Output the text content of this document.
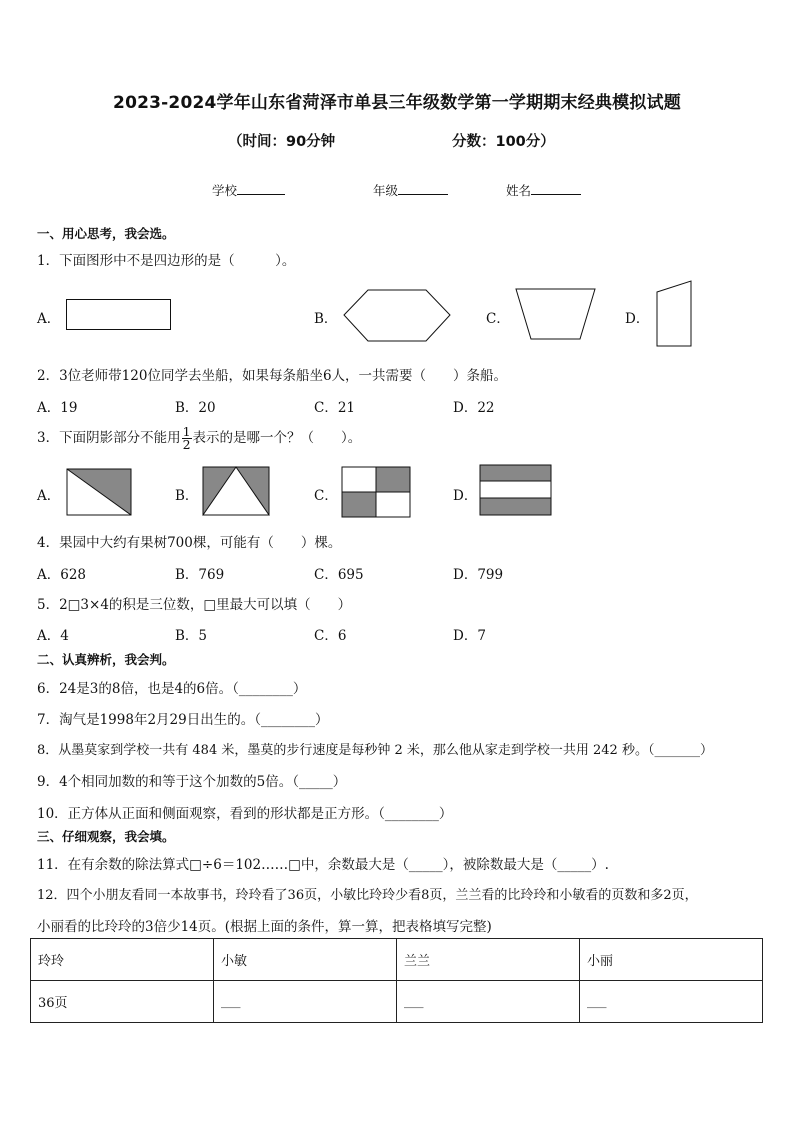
2023-2024学年山东省菏泽市单县三年级数学第一学期期末经典模拟试题
（时间：90分钟	分数：100分）
学校	年级	姓名
一、用心思考，我会选。
1．下面图形中不是四边形的是（　　　）。
A．	B．	C．	D．
2．3位老师带120位同学去坐船，如果每条船坐6人，一共需要（　　）条船。
A．19	B．20	C．21	D．22
3．下面阴影部分不能用 $\frac{1}{2}$ 表示的是哪一个？（　　）。
A．	B．	C．	D．
4．果园中大约有果树700棵，可能有（　　）棵。
A．628	B．769	C．695	D．799
5．2□3×4的积是三位数，□里最大可以填（　　）
A．4	B．5	C．6	D．7
二、认真辨析，我会判。
6．24是3的8倍，也是4的6倍。（________）
7．淘气是1998年2月29日出生的。（________）
8．从墨莫家到学校一共有 484 米，墨莫的步行速度是每秒钟 2 米，那么他从家走到学校一共用 242 秒。（_______）
9．4个相同加数的和等于这个加数的5倍。（_____）
10．正方体从正面和侧面观察，看到的形状都是正方形。（________）
三、仔细观察，我会填。
11．在有余数的除法算式□÷6＝102……□中，余数最大是（_____），被除数最大是（_____）.
12．四个小朋友看同一本故事书，玲玲看了36页，小敏比玲玲少看8页，兰兰看的比玲玲和小敏看的页数和多2页，
小丽看的比玲玲的3倍少14页。(根据上面的条件，算一算，把表格填写完整)
玲玲	小敏	兰兰	小丽
36页	___	___	___
